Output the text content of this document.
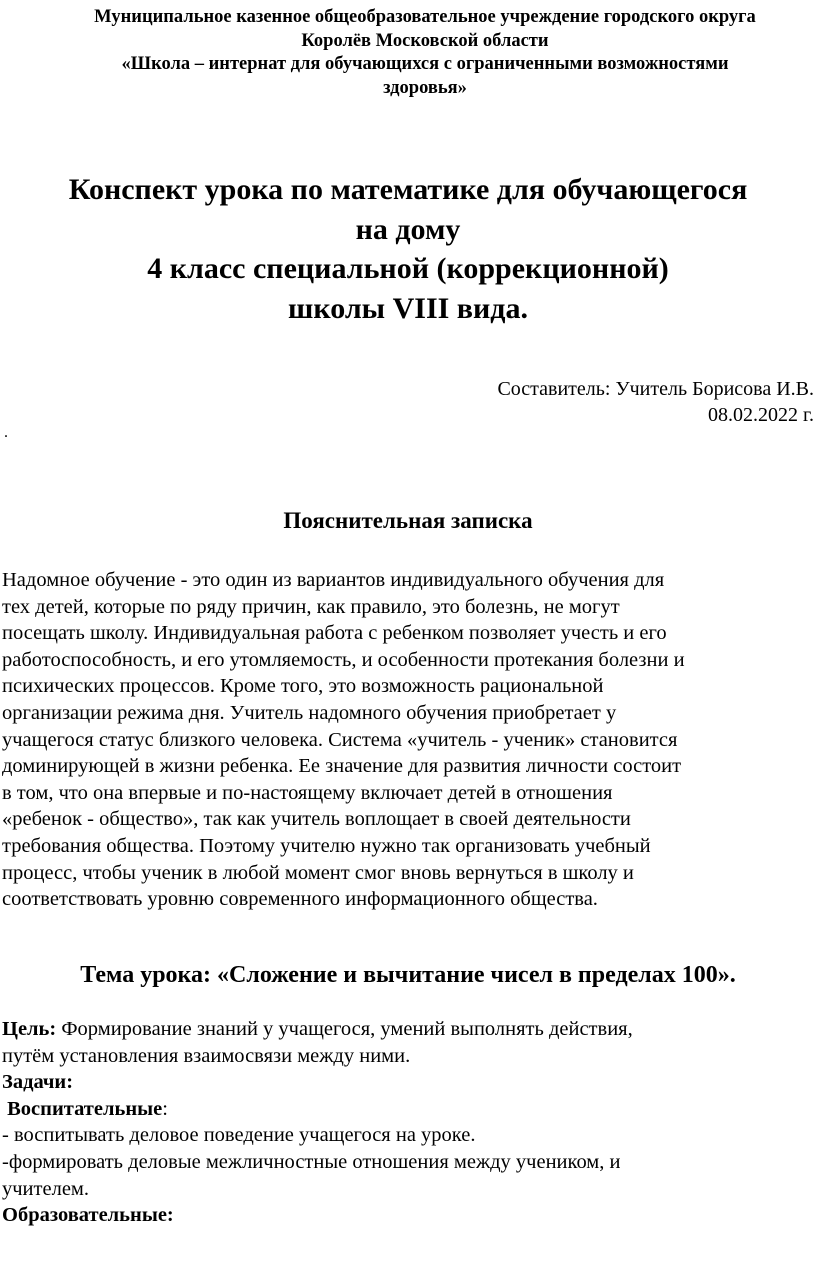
Муниципальное казенное общеобразовательное учреждение городского округа
Королёв Московской области
«Школа – интернат для обучающихся с ограниченными возможностями
здоровья»
Конспект урока по математике для обучающегося
на дому
4 класс специальной (коррекционной)
школы VIII вида.
Составитель: Учитель Борисова И.В.
08.02.2022 г.
.
Пояснительная записка
Надомное обучение - это один из вариантов индивидуального обучения для
тех детей, которые по ряду причин, как правило, это болезнь, не могут
посещать школу. Индивидуальная работа с ребенком позволяет учесть и его
работоспособность, и его утомляемость, и особенности протекания болезни и
психических процессов. Кроме того, это возможность рациональной
организации режима дня. Учитель надомного обучения приобретает у
учащегося статус близкого человека. Система «учитель - ученик» становится
доминирующей в жизни ребенка. Ее значение для развития личности состоит
в том, что она впервые и по-настоящему включает детей в отношения
«ребенок - общество», так как учитель воплощает в своей деятельности
требования общества. Поэтому учителю нужно так организовать учебный
процесс, чтобы ученик в любой момент смог вновь вернуться в школу и
соответствовать уровню современного информационного общества.
Тема урока: «Сложение и вычитание чисел в пределах 100».
Цель: Формирование знаний у учащегося, умений выполнять действия,
путём установления взаимосвязи между ними.
Задачи:
Воспитательные:
- воспитывать деловое поведение учащегося на уроке.
-формировать деловые межличностные отношения между учеником, и
учителем.
Образовательные:
